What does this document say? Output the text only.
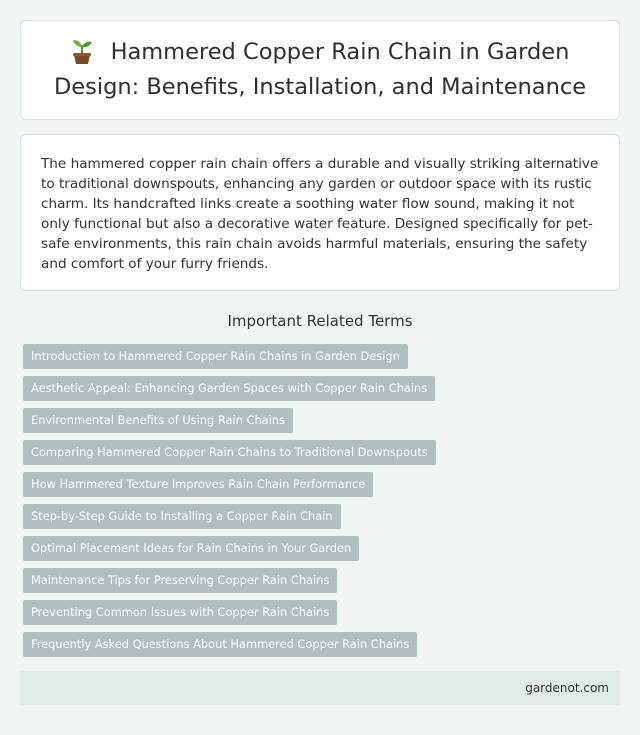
Hammered Copper Rain Chain in Garden Design: Benefits, Installation, and Maintenance

The hammered copper rain chain offers a durable and visually striking alternative to traditional downspouts, enhancing any garden or outdoor space with its rustic charm. Its handcrafted links create a soothing water flow sound, making it not only functional but also a decorative water feature. Designed specifically for pet-safe environments, this rain chain avoids harmful materials, ensuring the safety and comfort of your furry friends.

Important Related Terms
Introduction to Hammered Copper Rain Chains in Garden Design
Aesthetic Appeal: Enhancing Garden Spaces with Copper Rain Chains
Environmental Benefits of Using Rain Chains
Comparing Hammered Copper Rain Chains to Traditional Downspouts
How Hammered Texture Improves Rain Chain Performance
Step-by-Step Guide to Installing a Copper Rain Chain
Optimal Placement Ideas for Rain Chains in Your Garden
Maintenance Tips for Preserving Copper Rain Chains
Preventing Common Issues with Copper Rain Chains
Frequently Asked Questions About Hammered Copper Rain Chains
gardenot.com
